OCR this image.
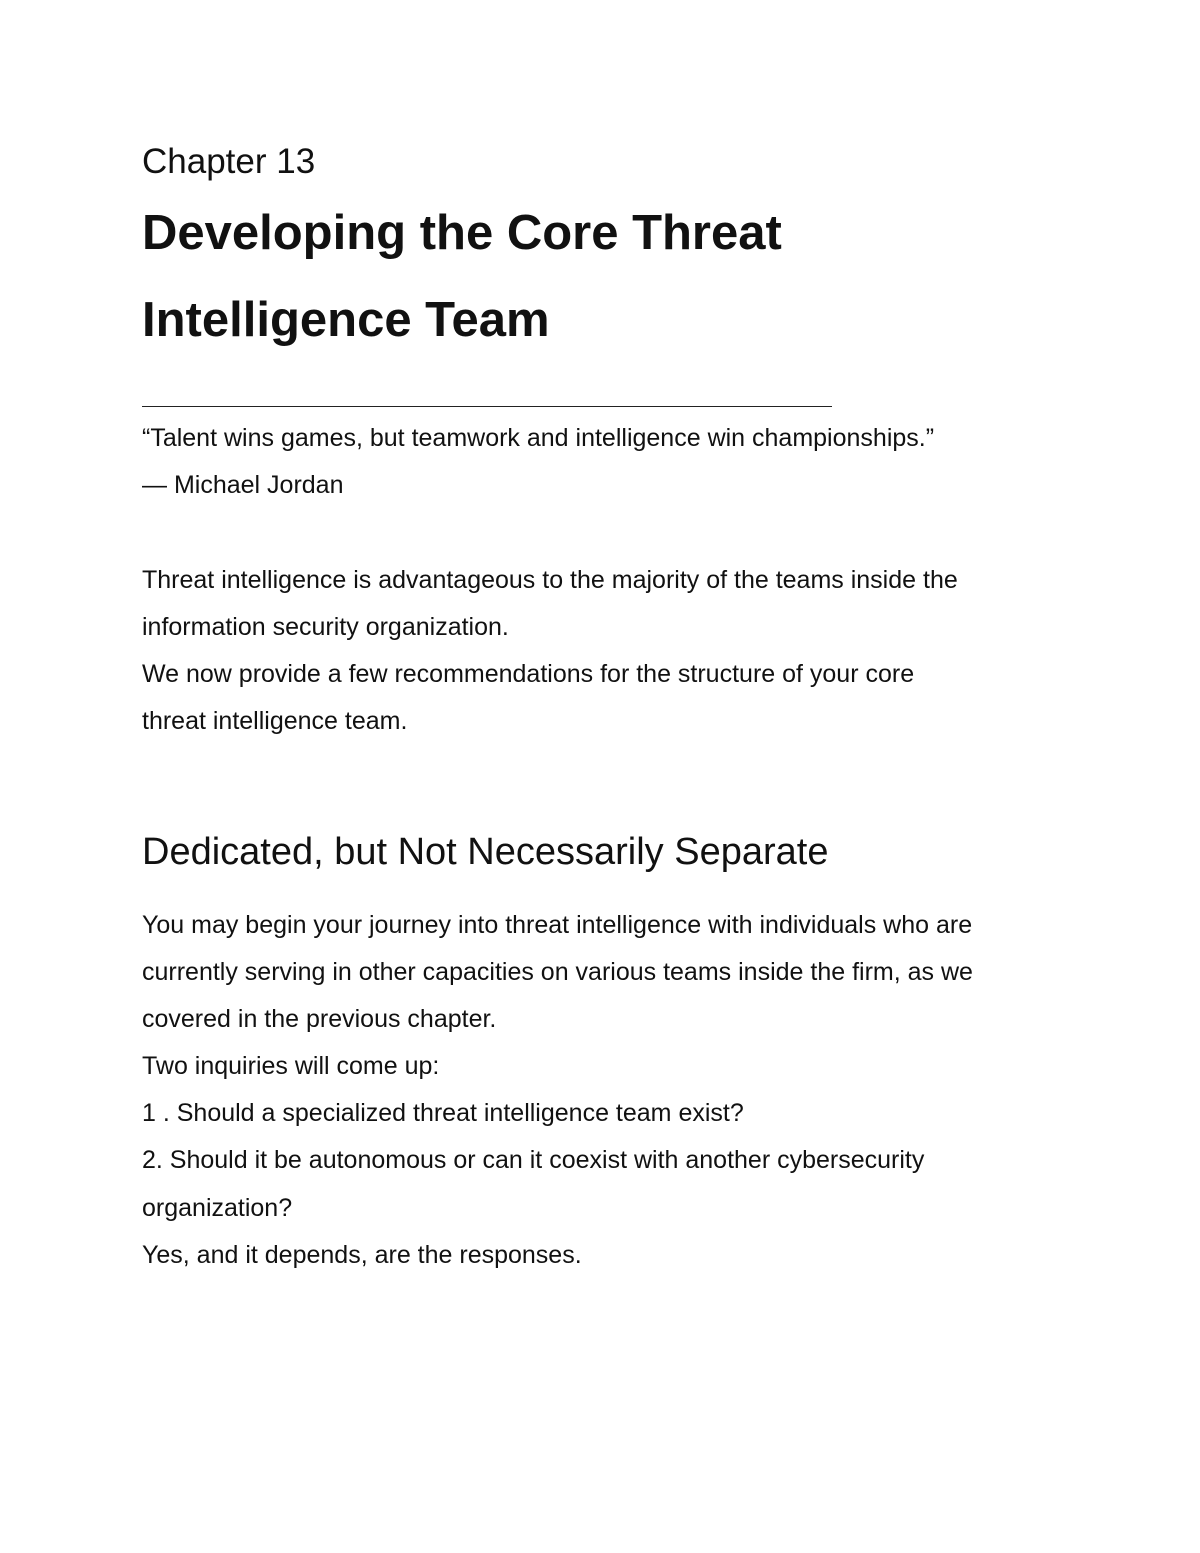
Chapter 13
Developing the Core Threat
Intelligence Team

“Talent wins games, but teamwork and intelligence win championships.”

— Michael Jordan

Threat intelligence is advantageous to the majority of the teams inside the

information security organization.

We now provide a few recommendations for the structure of your core

threat intelligence team.

Dedicated, but Not Necessarily Separate

You may begin your journey into threat intelligence with individuals who are

currently serving in other capacities on various teams inside the firm, as we

covered in the previous chapter.

Two inquiries will come up:

1 . Should a specialized threat intelligence team exist?

2. Should it be autonomous or can it coexist with another cybersecurity

organization?

Yes, and it depends, are the responses.
